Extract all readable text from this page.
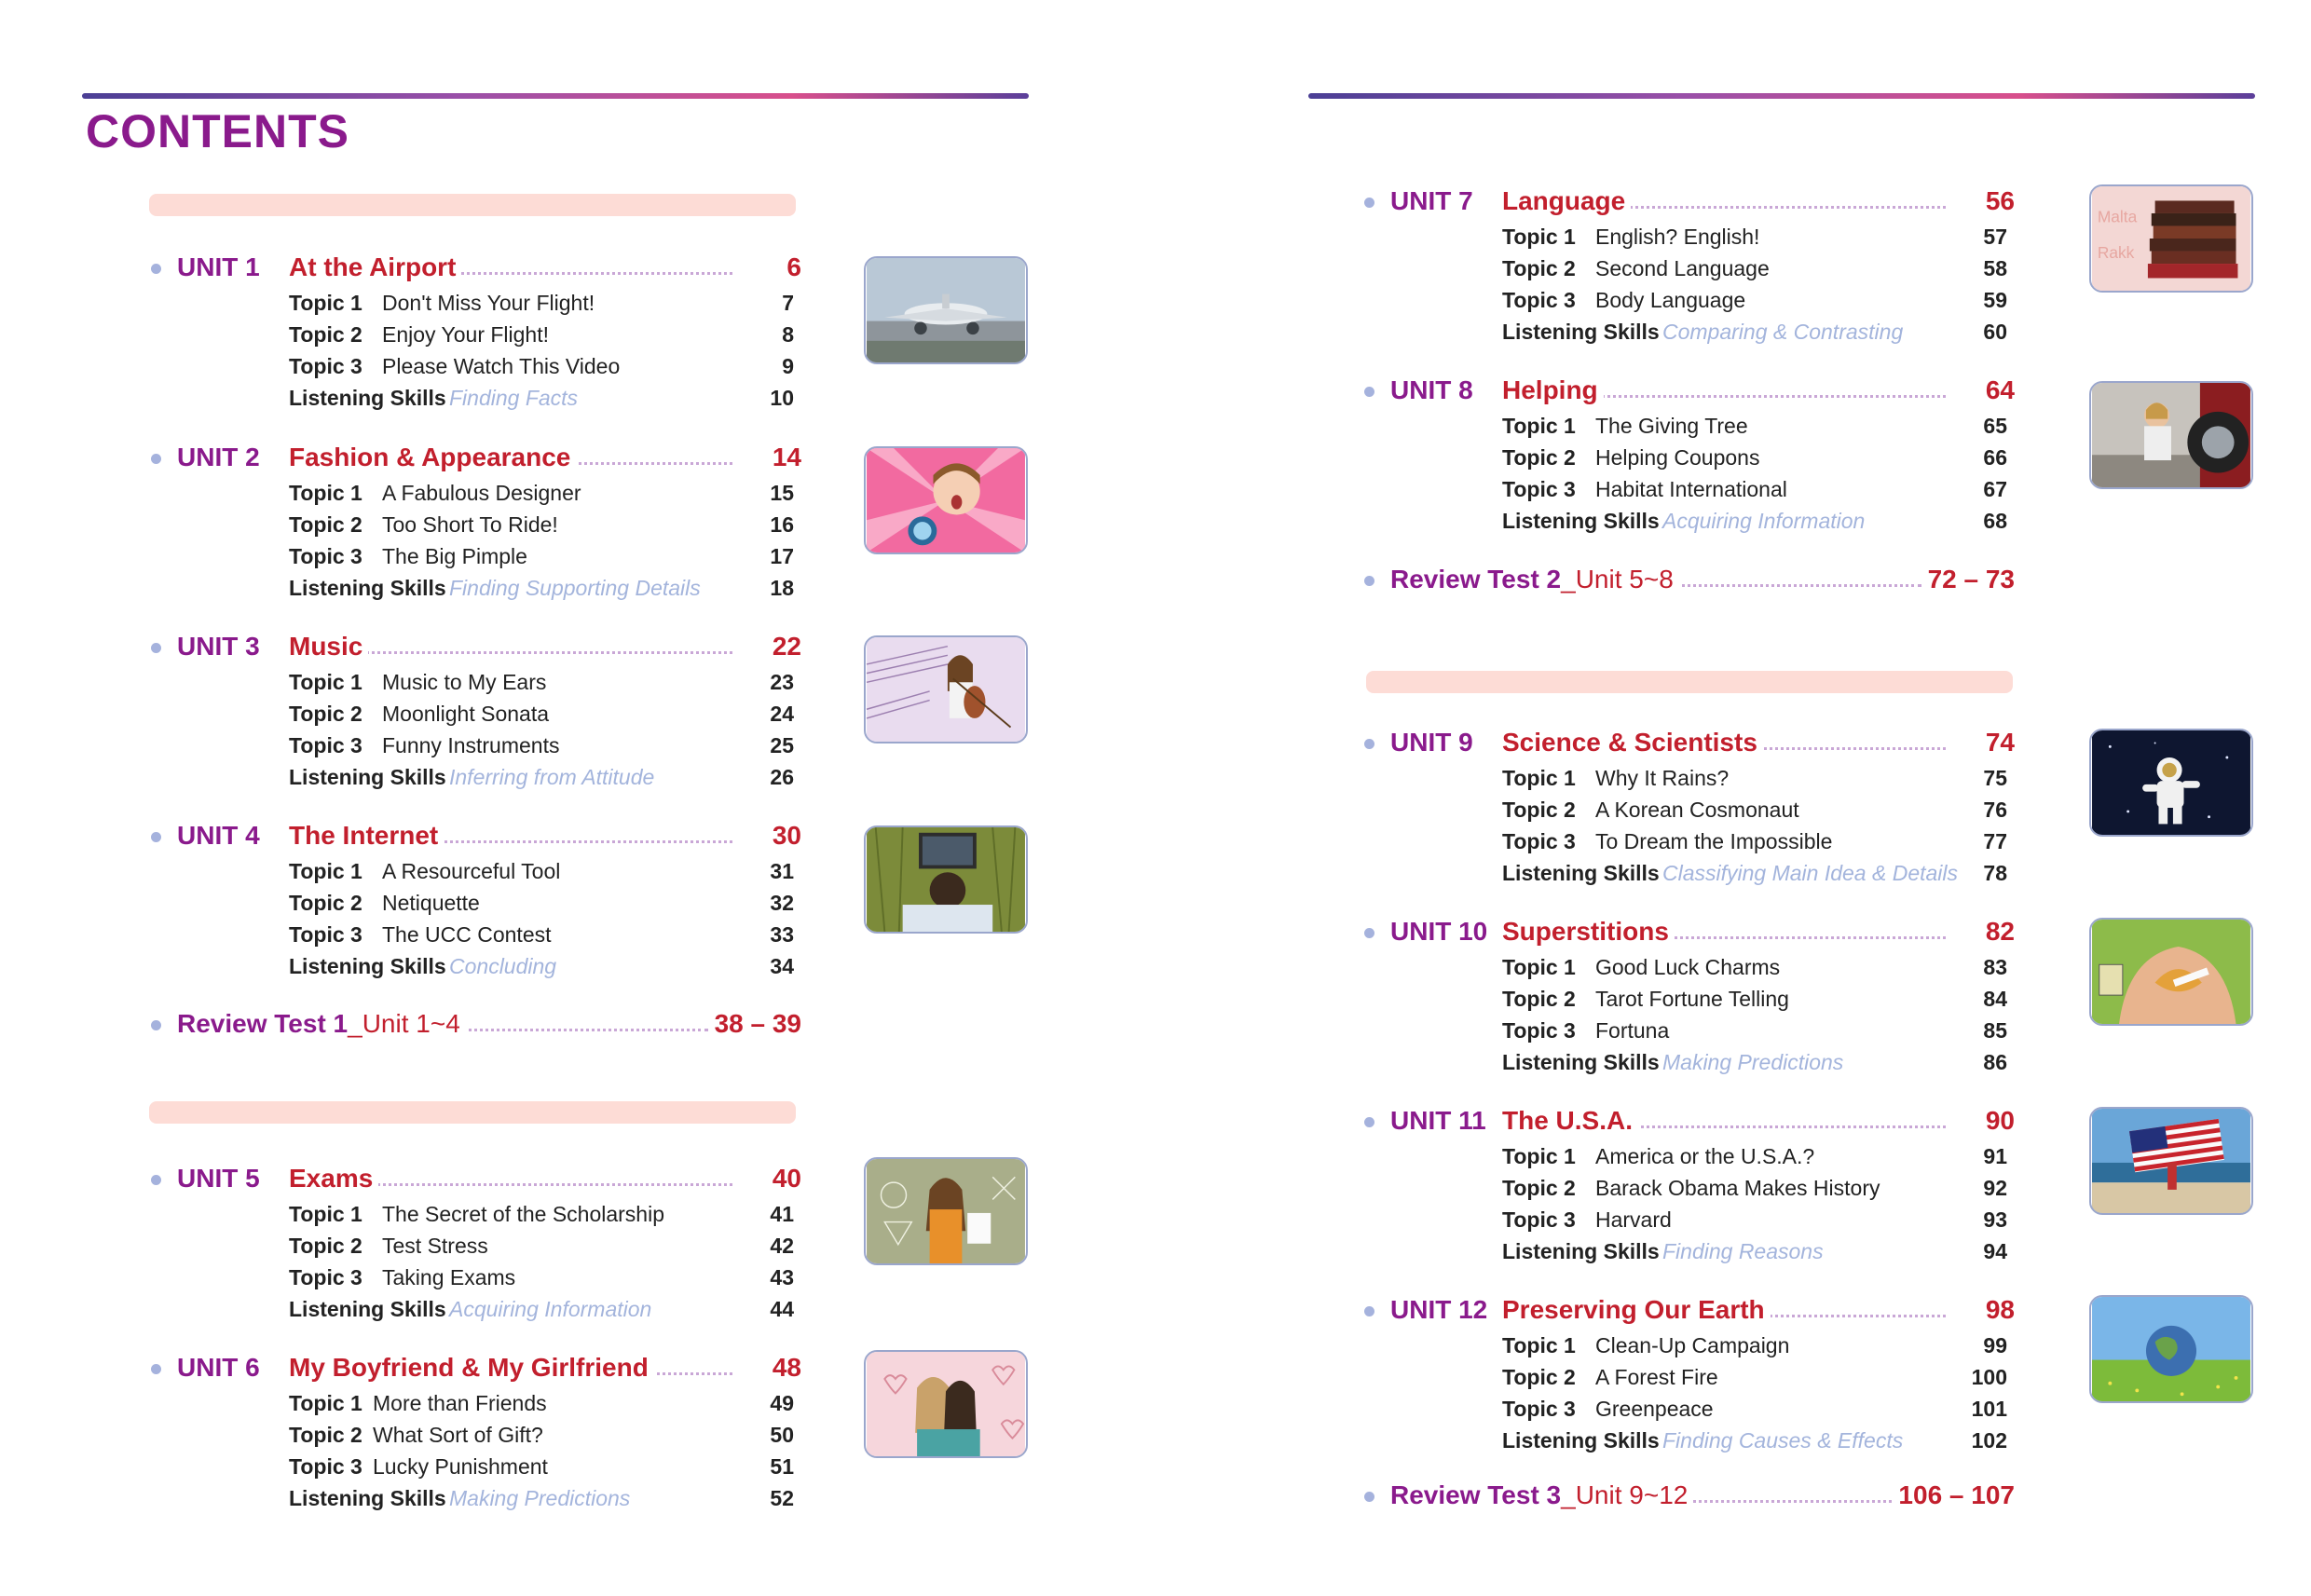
CONTENTS
UNIT 1 At the Airport	6
Topic 1 Don't Miss Your Flight!	7
Topic 2 Enjoy Your Flight!	8
Topic 3 Please Watch This Video	9
Listening Skills Finding Facts	10
UNIT 2 Fashion & Appearance	14
Topic 1 A Fabulous Designer	15
Topic 2 Too Short To Ride!	16
Topic 3 The Big Pimple	17
Listening Skills Finding Supporting Details	18
UNIT 3 Music	22
Topic 1 Music to My Ears	23
Topic 2 Moonlight Sonata	24
Topic 3 Funny Instruments	25
Listening Skills Inferring from Attitude	26
UNIT 4 The Internet	30
Topic 1 A Resourceful Tool	31
Topic 2 Netiquette	32
Topic 3 The UCC Contest	33
Listening Skills Concluding	34
UNIT 5 Exams	40
Topic 1 The Secret of the Scholarship	41
Topic 2 Test Stress	42
Topic 3 Taking Exams	43
Listening Skills Acquiring Information	44
UNIT 6 My Boyfriend & My Girlfriend	48
Topic 1 More than Friends	49
Topic 2 What Sort of Gift?	50
Topic 3 Lucky Punishment	51
Listening Skills Making Predictions	52
Review Test 1_Unit 1~4	38 – 39
UNIT 7 Language	56
Topic 1 English? English!	57
Topic 2 Second Language	58
Topic 3 Body Language	59
Listening Skills Comparing & Contrasting	60
Malta
Rakk
UNIT 8 Helping	64
Topic 1 The Giving Tree	65
Topic 2 Helping Coupons	66
Topic 3 Habitat International	67
Listening Skills Acquiring Information	68
UNIT 9 Science & Scientists	74
Topic 1 Why It Rains?	75
Topic 2 A Korean Cosmonaut	76
Topic 3 To Dream the Impossible	77
Listening Skills Classifying Main Idea & Details 78
UNIT 10 Superstitions	82
Topic 1 Good Luck Charms	83
Topic 2 Tarot Fortune Telling	84
Topic 3 Fortuna	85
Listening Skills Making Predictions	86
UNIT 11 The U.S.A.	90
Topic 1 America or the U.S.A.?	91
Topic 2 Barack Obama Makes History	92
Topic 3 Harvard	93
Listening Skills Finding Reasons	94
UNIT 12 Preserving Our Earth	98
Topic 1 Clean-Up Campaign	99
Topic 2 A Forest Fire	100
Topic 3 Greenpeace	101
Listening Skills Finding Causes & Effects	102
Review Test 2_Unit 5~8	72 – 73
Review Test 3_Unit 9~12	106 – 107
